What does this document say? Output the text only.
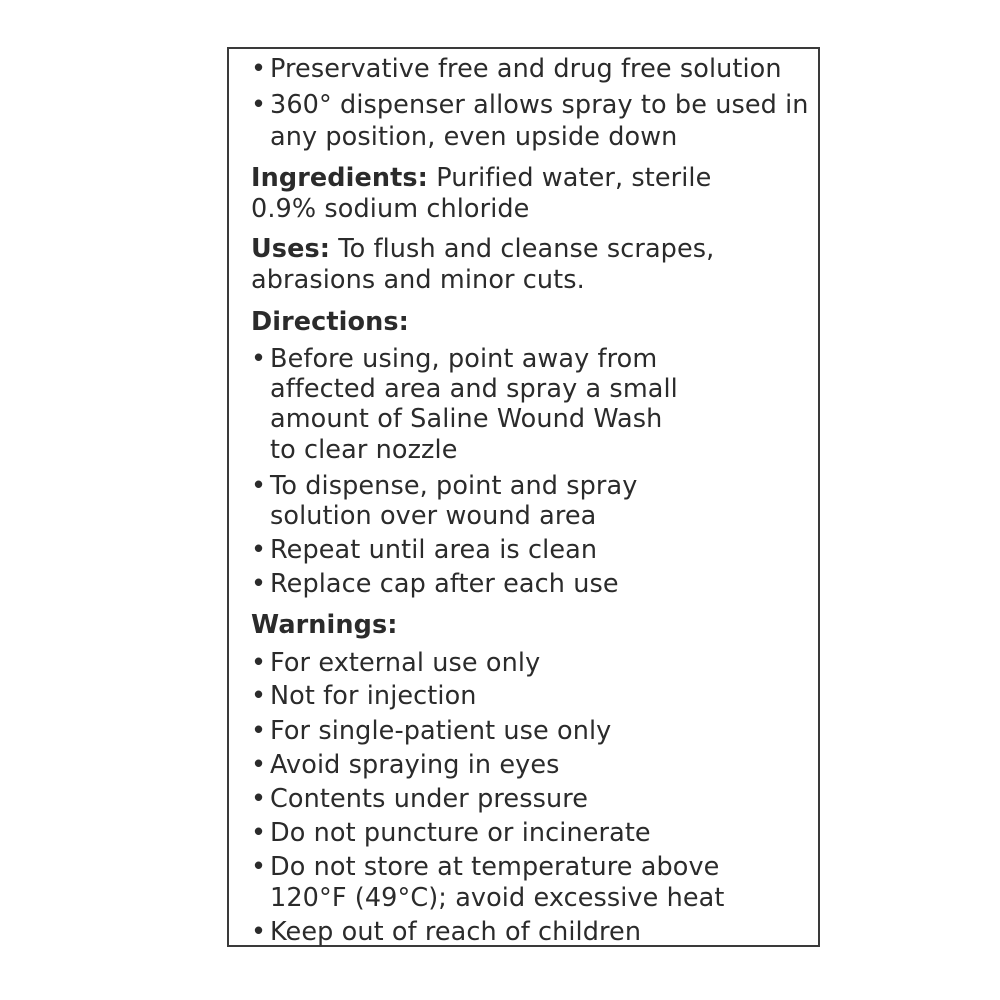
• Preservative free and drug free solution
• 360° dispenser allows spray to be used in
any position, even upside down
Ingredients: Purified water, sterile
0.9% sodium chloride
Uses: To flush and cleanse scrapes,
abrasions and minor cuts.
Directions:
• Before using, point away from
affected area and spray a small
amount of Saline Wound Wash
to clear nozzle
• To dispense, point and spray
solution over wound area
• Repeat until area is clean
• Replace cap after each use
Warnings:
• For external use only
• Not for injection
• For single-patient use only
• Avoid spraying in eyes
• Contents under pressure
• Do not puncture or incinerate
• Do not store at temperature above
120°F (49°C); avoid excessive heat
• Keep out of reach of children
